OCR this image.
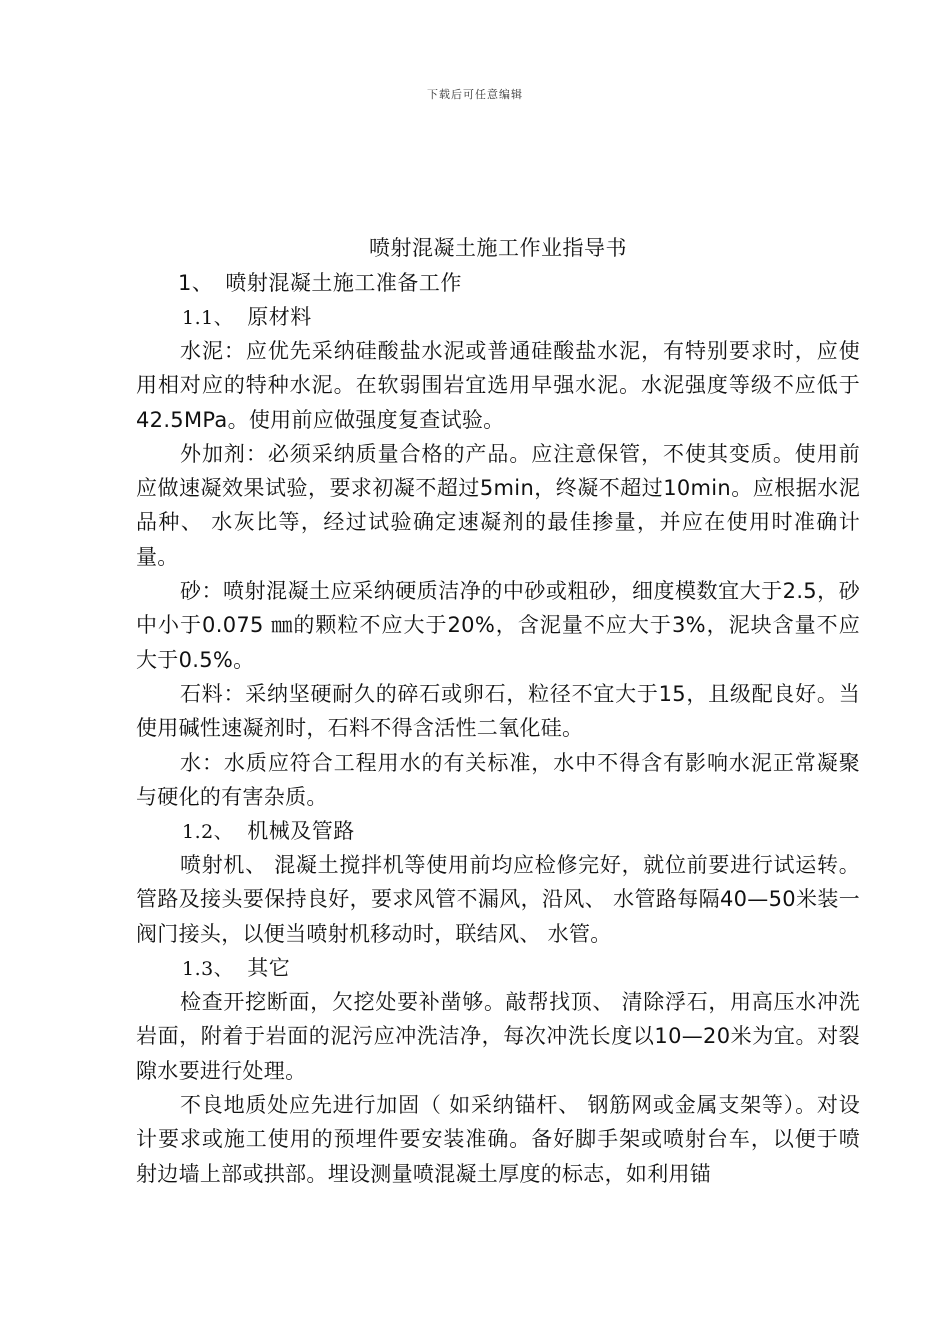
下载后可任意编辑
喷射混凝土施工作业指导书
1、 喷射混凝土施工准备工作
1.1、 原材料

水泥：应优先采纳硅酸盐水泥或普通硅酸盐水泥，有特别要求时，应使用相对应的特种水泥。在软弱围岩宜选用早强水泥。水泥强度等级不应低于42.5MPa。使用前应做强度复查试验。

外加剂：必须采纳质量合格的产品。应注意保管，不使其变质。使用前应做速凝效果试验，要求初凝不超过5min，终凝不超过10min。应根据水泥品种、 水灰比等，经过试验确定速凝剂的最佳掺量，并应在使用时准确计量。

砂：喷射混凝土应采纳硬质洁净的中砂或粗砂，细度模数宜大于2.5，砂中小于0.075 ㎜的颗粒不应大于20%，含泥量不应大于3%，泥块含量不应大于0.5%。

石料：采纳坚硬耐久的碎石或卵石，粒径不宜大于15，且级配良好。当使用碱性速凝剂时，石料不得含活性二氧化硅。

水：水质应符合工程用水的有关标准，水中不得含有影响水泥正常凝聚与硬化的有害杂质。

1.2、 机械及管路

喷射机、 混凝土搅拌机等使用前均应检修完好，就位前要进行试运转。管路及接头要保持良好，要求风管不漏风，沿风、 水管路每隔40—50米装一阀门接头，以便当喷射机移动时，联结风、 水管。

1.3、 其它

检查开挖断面，欠挖处要补凿够。敲帮找顶、 清除浮石，用高压水冲洗岩面，附着于岩面的泥污应冲洗洁净，每次冲洗长度以10—20米为宜。对裂隙水要进行处理。

不良地质处应先进行加固（ 如采纳锚杆、 钢筋网或金属支架等）。对设计要求或施工使用的预埋件要安装准确。备好脚手架或喷射台车，以便于喷射边墙上部或拱部。埋设测量喷混凝土厚度的标志，如利用锚
